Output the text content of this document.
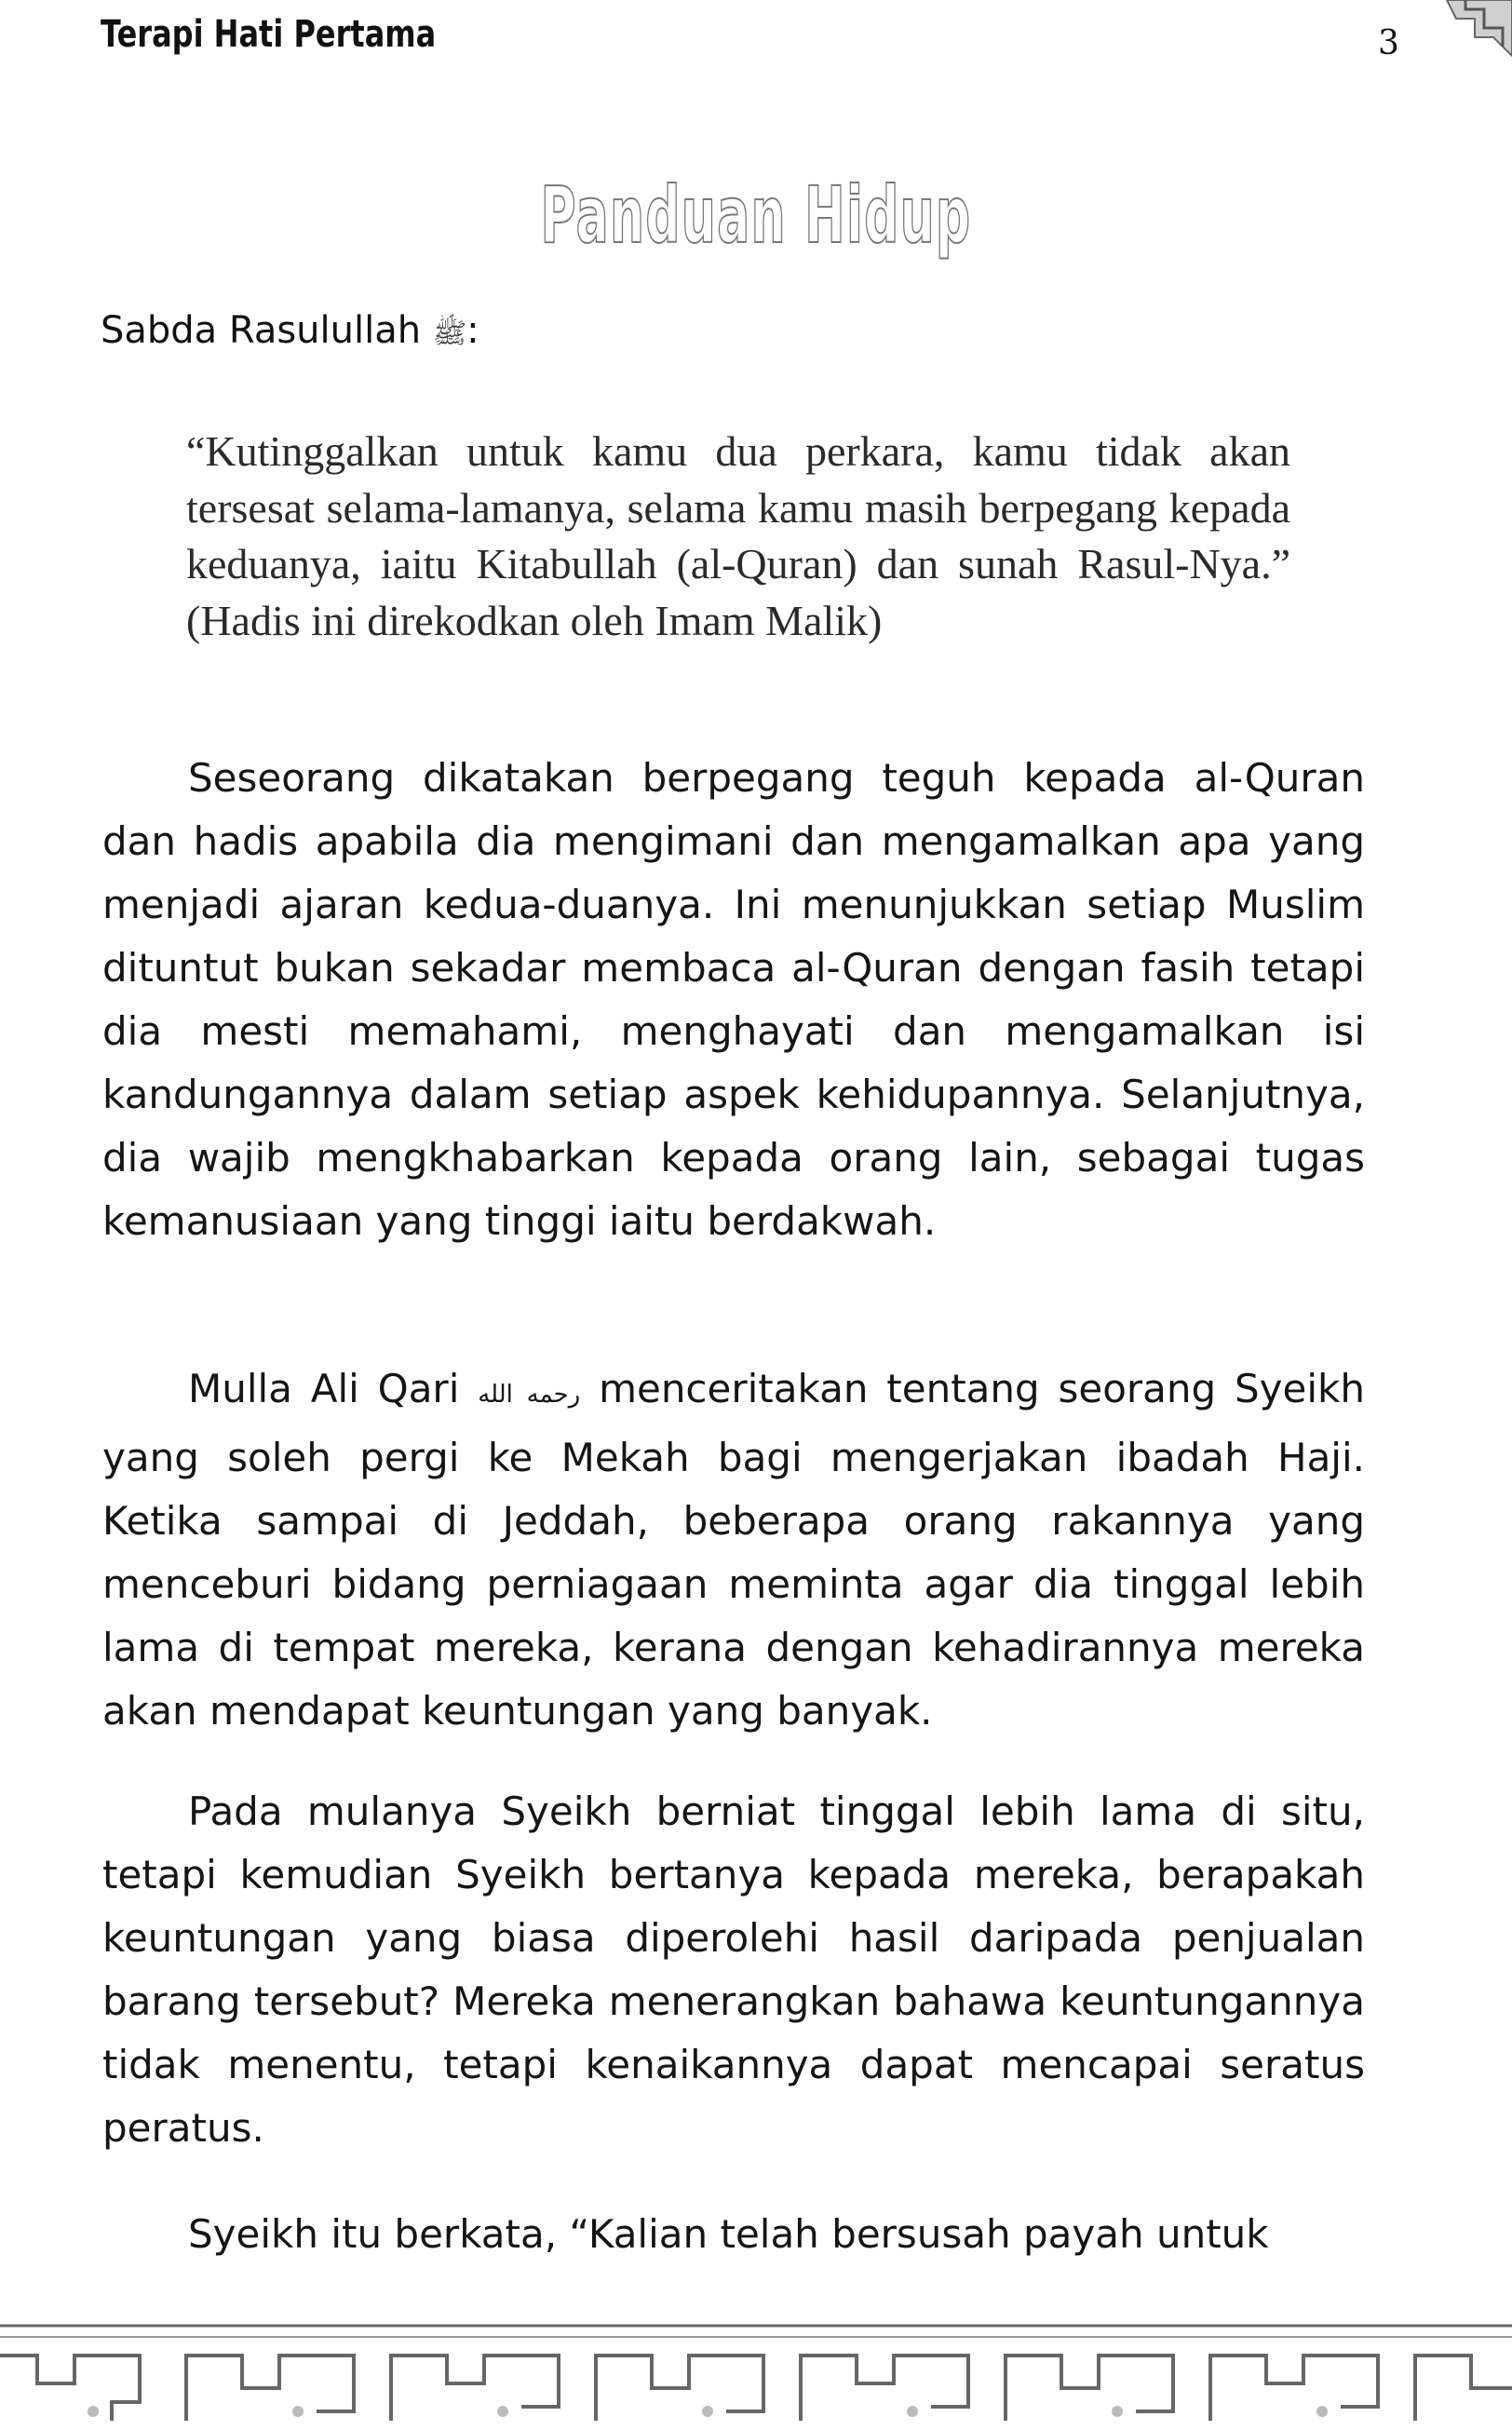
Terapi Hati Pertama	3
Panduan Hidup
Sabda Rasulullah ﷺ:
“Kutinggalkan untuk kamu dua perkara, kamu tidak akan tersesat selama-lamanya, selama kamu masih berpegang kepada keduanya, iaitu Kitabullah (al-Quran) dan sunah Rasul-Nya.” (Hadis ini direkodkan oleh Imam Malik)

Seseorang dikatakan berpegang teguh kepada al-Quran dan hadis apabila dia mengimani dan mengamalkan apa yang menjadi ajaran kedua-duanya. Ini menunjukkan setiap Muslim dituntut bukan sekadar membaca al-Quran dengan fasih tetapi dia mesti memahami, menghayati dan mengamalkan isi kandungannya dalam setiap aspek kehidupannya. Selanjutnya, dia wajib mengkhabarkan kepada orang lain, sebagai tugas kemanusiaan yang tinggi iaitu berdakwah.

Mulla Ali Qari رحمه الله menceritakan tentang seorang Syeikh yang soleh pergi ke Mekah bagi mengerjakan ibadah Haji. Ketika sampai di Jeddah, beberapa orang rakannya yang menceburi bidang perniagaan meminta agar dia tinggal lebih lama di tempat mereka, kerana dengan kehadirannya mereka akan mendapat keuntungan yang banyak.

Pada mulanya Syeikh berniat tinggal lebih lama di situ, tetapi kemudian Syeikh bertanya kepada mereka, berapakah keuntungan yang biasa diperolehi hasil daripada penjualan barang tersebut? Mereka menerangkan bahawa keuntungannya tidak menentu, tetapi kenaikannya dapat mencapai seratus peratus.

Syeikh itu berkata, “Kalian telah bersusah payah untuk
